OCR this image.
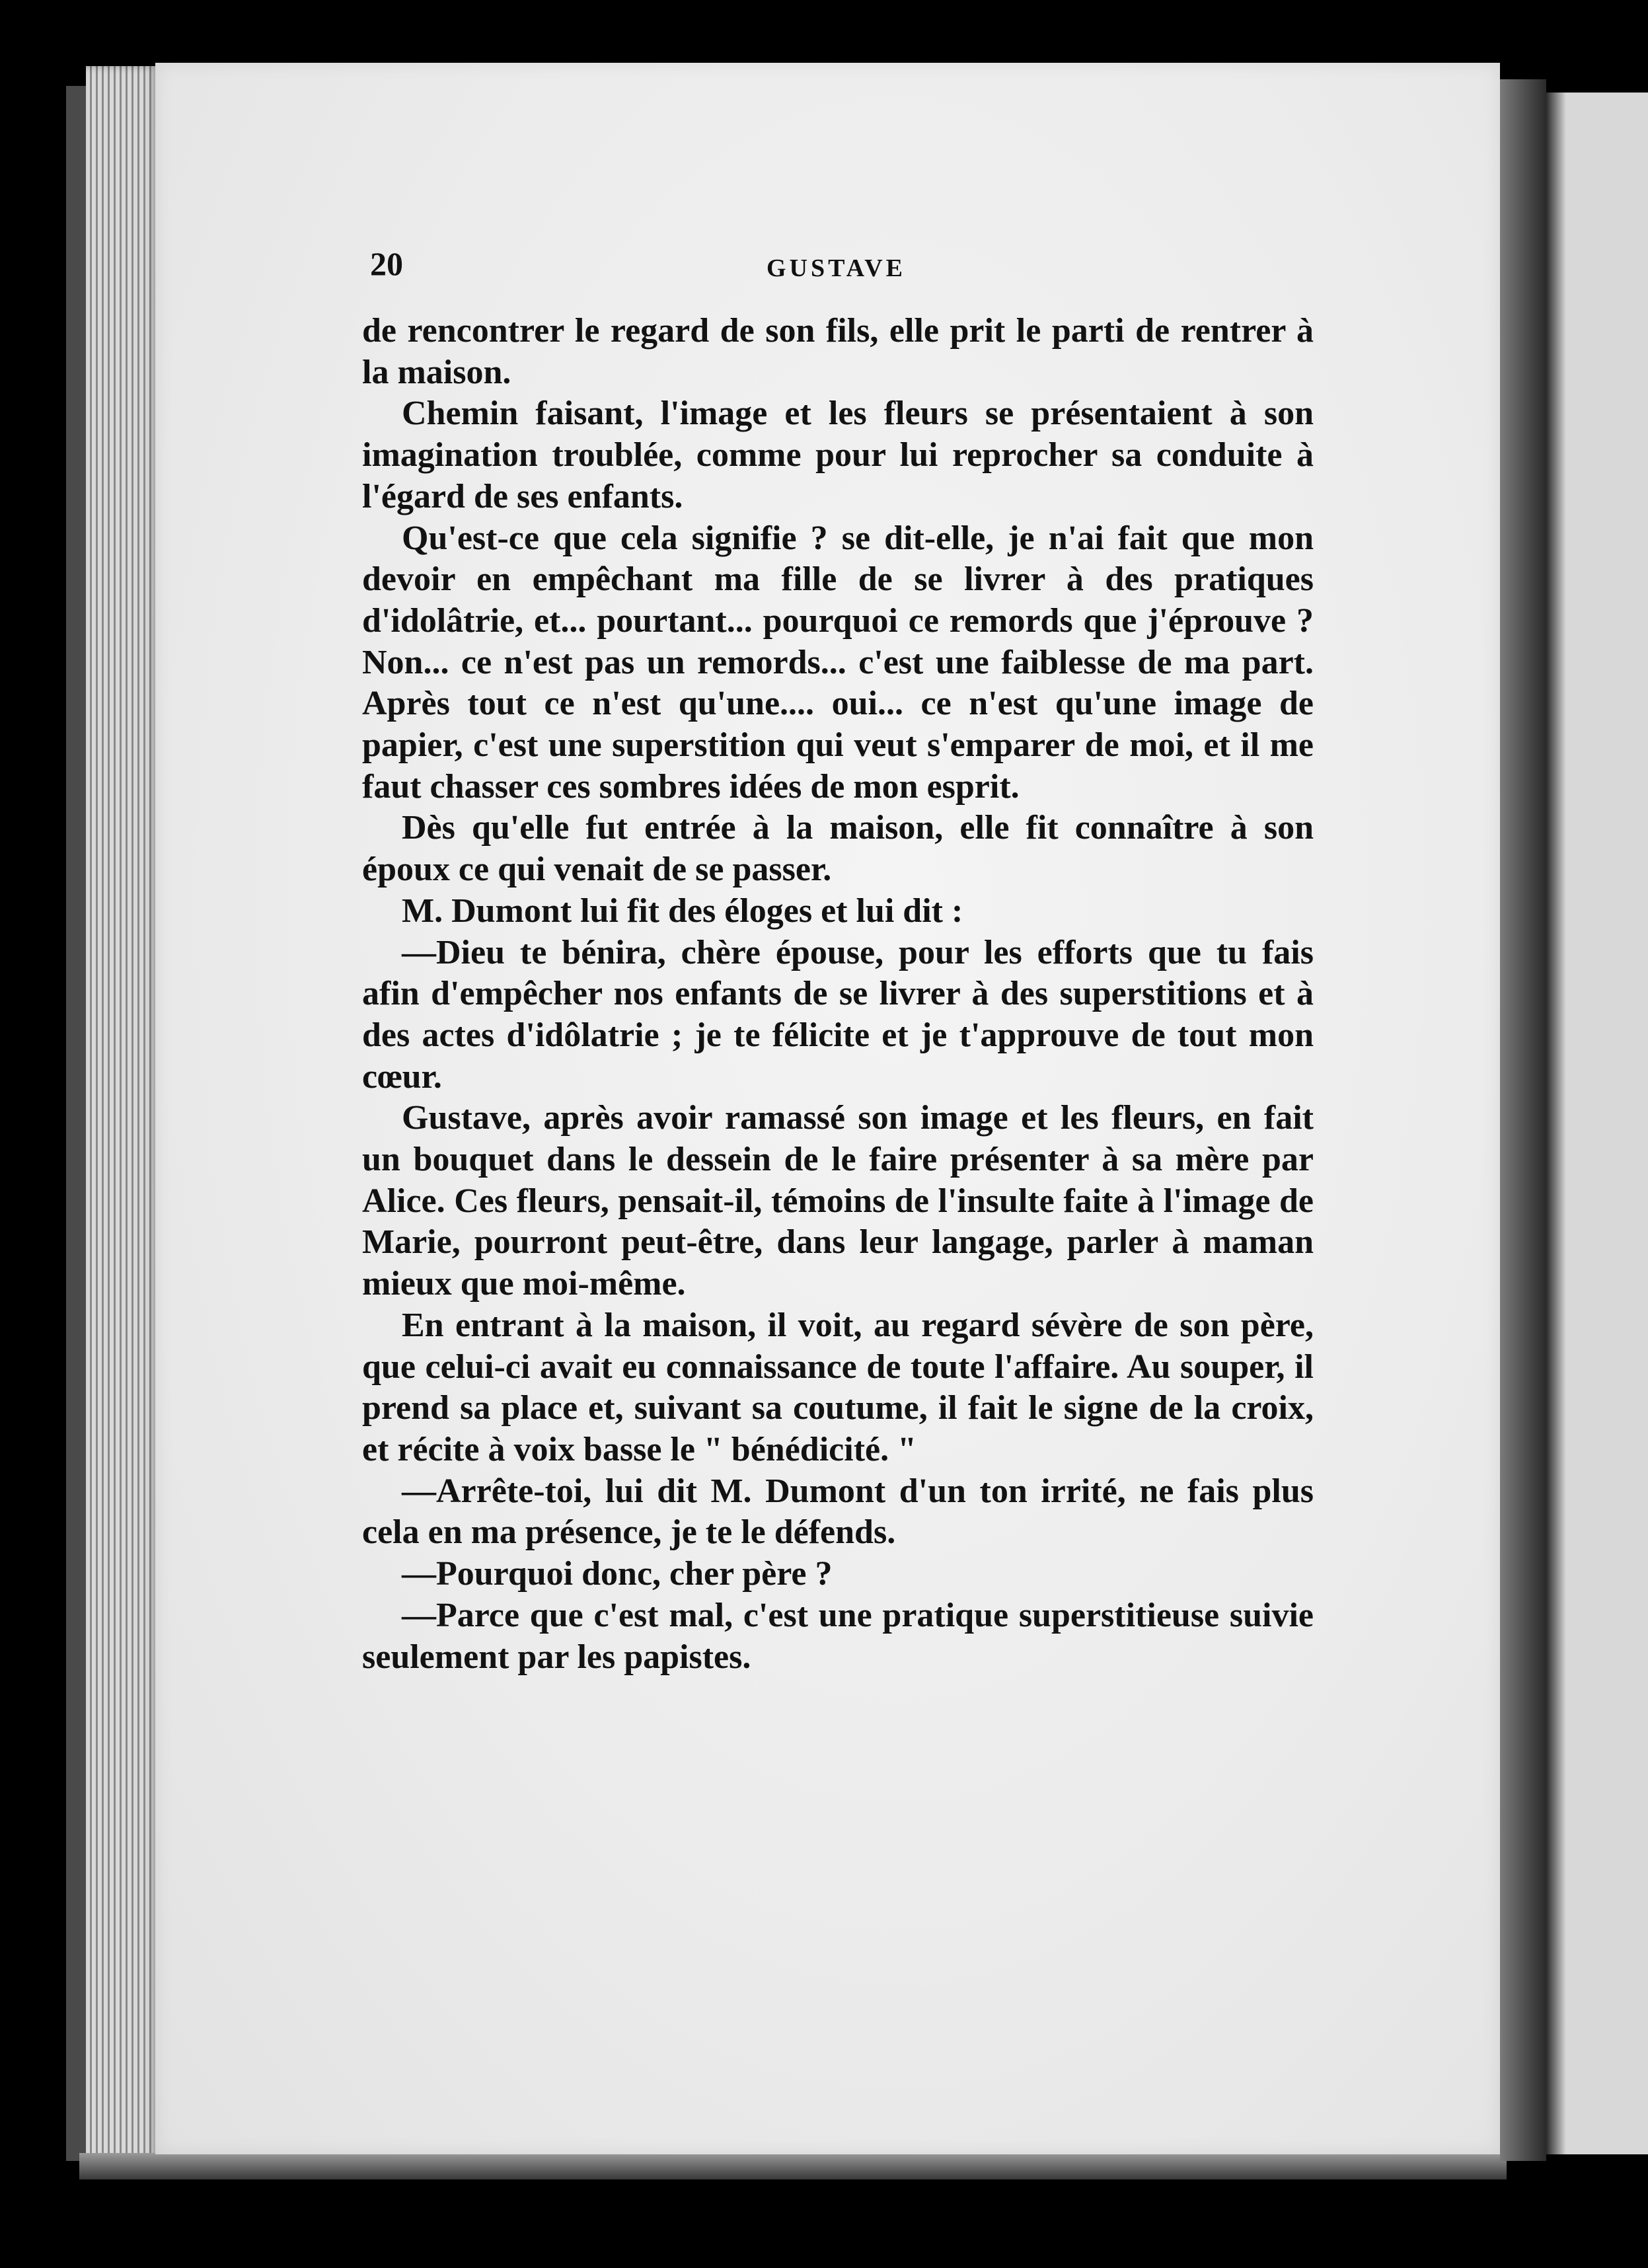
20	GUSTAVE

de rencontrer le regard de son fils, elle prit le parti de rentrer à la maison.

Chemin faisant, l'image et les fleurs se présentaient à son imagination troublée, comme pour lui reprocher sa conduite à l'égard de ses enfants.

Qu'est-ce que cela signifie ? se dit-elle, je n'ai fait que mon devoir en empêchant ma fille de se livrer à des pratiques d'idolâtrie, et... pourtant... pourquoi ce remords que j'éprouve ? Non... ce n'est pas un remords... c'est une faiblesse de ma part. Après tout ce n'est qu'une.... oui... ce n'est qu'une image de papier, c'est une superstition qui veut s'emparer de moi, et il me faut chasser ces sombres idées de mon esprit.

Dès qu'elle fut entrée à la maison, elle fit connaître à son époux ce qui venait de se passer.

M. Dumont lui fit des éloges et lui dit :

—Dieu te bénira, chère épouse, pour les efforts que tu fais afin d'empêcher nos enfants de se livrer à des superstitions et à des actes d'idôlatrie ; je te félicite et je t'approuve de tout mon cœur.

Gustave, après avoir ramassé son image et les fleurs, en fait un bouquet dans le dessein de le faire présenter à sa mère par Alice. Ces fleurs, pensait-il, témoins de l'insulte faite à l'image de Marie, pourront peut-être, dans leur langage, parler à maman mieux que moi-même.

En entrant à la maison, il voit, au regard sévère de son père, que celui-ci avait eu connaissance de toute l'affaire. Au souper, il prend sa place et, suivant sa coutume, il fait le signe de la croix, et récite à voix basse le " bénédicité. "

—Arrête-toi, lui dit M. Dumont d'un ton irrité, ne fais plus cela en ma présence, je te le défends.

—Pourquoi donc, cher père ?

—Parce que c'est mal, c'est une pratique superstitieuse suivie seulement par les papistes.
